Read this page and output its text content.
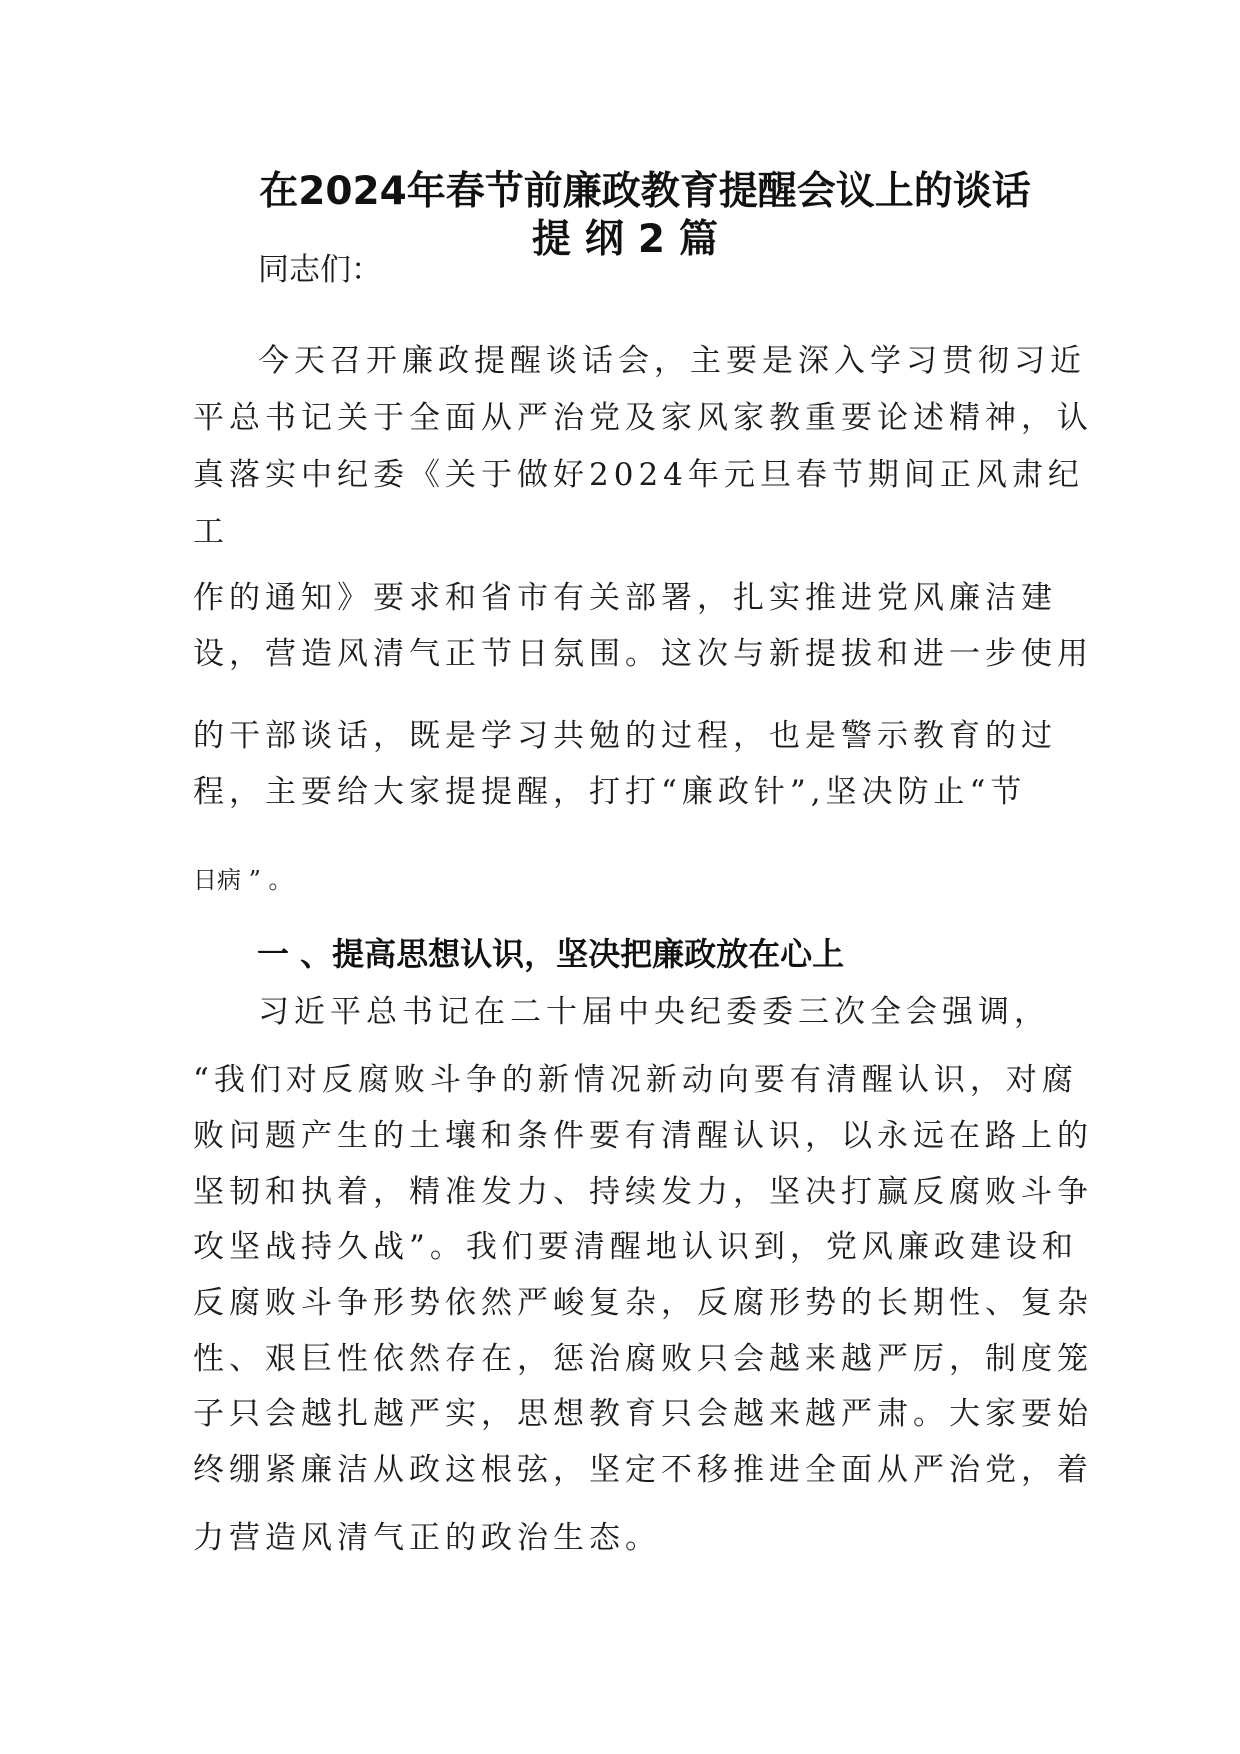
在2024年春节前廉政教育提醒会议上的谈话
提纲2篇
同志们：
今天召开廉政提醒谈话会，主要是深入学习贯彻习近
平总书记关于全面从严治党及家风家教重要论述精神，认
真落实中纪委《关于做好2024年元旦春节期间正风肃纪
工
作的通知》要求和省市有关部署，扎实推进党风廉洁建
设，营造风清气正节日氛围。这次与新提拔和进一步使用
的干部谈话，既是学习共勉的过程，也是警示教育的过
程，主要给大家提提醒，打打“廉政针”,坚决防止“节
日病 ” 。
一 、提高思想认识，坚决把廉政放在心上
习近平总书记在二十届中央纪委委三次全会强调，
“我们对反腐败斗争的新情况新动向要有清醒认识，对腐
败问题产生的土壤和条件要有清醒认识，以永远在路上的
坚韧和执着，精准发力、持续发力，坚决打赢反腐败斗争
攻坚战持久战”。我们要清醒地认识到，党风廉政建设和
反腐败斗争形势依然严峻复杂，反腐形势的长期性、复杂
性、艰巨性依然存在，惩治腐败只会越来越严厉，制度笼
子只会越扎越严实，思想教育只会越来越严肃。大家要始
终绷紧廉洁从政这根弦，坚定不移推进全面从严治党，着
力营造风清气正的政治生态。
